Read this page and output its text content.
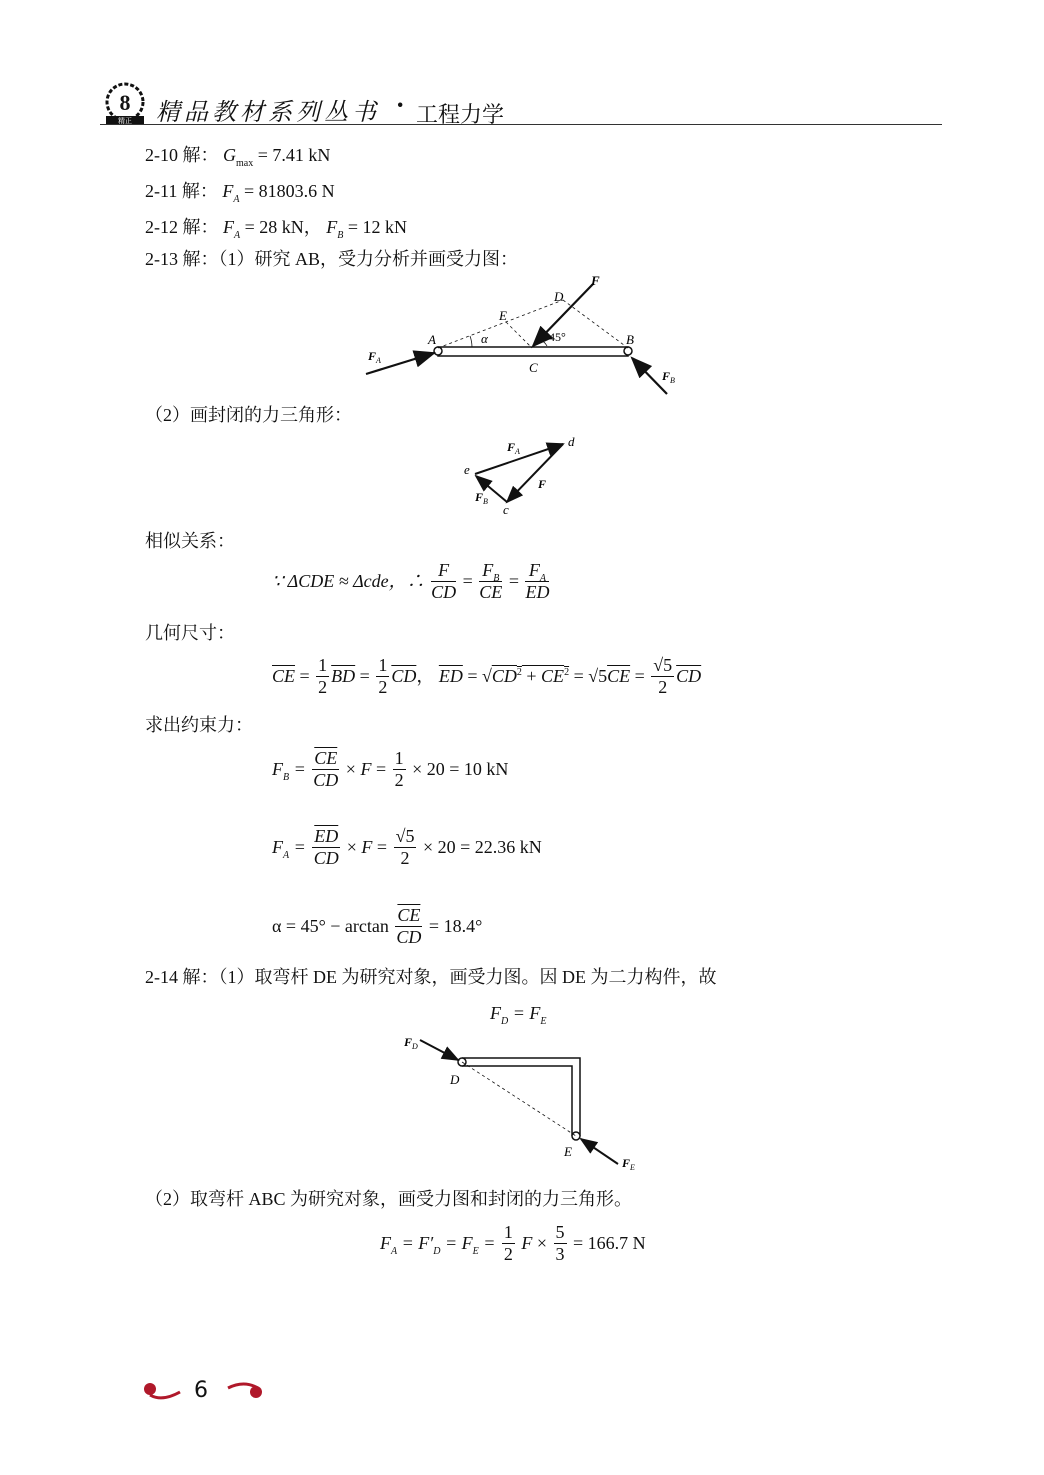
8
精正 精品教材系列丛书 · 工程力学
2-10 解： $G_{max} = 7.41$ kN
2-11 解： $F_A = 81803.6$ N
2-12 解： $F_A = 28$ kN， $F_B = 12$ kN
2-13 解：（1）研究 AB，受力分析并画受力图：
F
D
E
A	B
C
α	45°
$F_A$
$F_B$
（2）画封闭的力三角形：
$F_A$
d
e
F
$F_B$
c
相似关系：
∵ ΔCDE ≈ Δcde，∴ $\frac{F}{CD} = \frac{F_B}{CE} = \frac{F_A}{ED}$
几何尺寸：
$\overline{CE} = \frac{1}{2} \overline{BD} = \frac{1}{2} \overline{CD}$， $\overline{ED} = √CD^2 + CE^2 = √5\overline{CE} = \frac{√5}{2} \overline{CD}$
求出约束力：
$F_B = \frac{\overline{CE}}{CD} \times F = \frac{1}{2} \times 20 = 10$ kN
$F_A = \frac{\overline{ED}}{CD} \times F = \frac{√5}{2} \times 20 = 22.36$ kN
$\alpha = 45^\circ - \arctan \frac{\overline{CE}}{CD} = 18.4^\circ$
2-14 解：（1）取弯杆 DE 为研究对象，画受力图。因 DE 为二力构件，故
$F_D = F_E$
$F_D$
D
E
$F_E$
（2）取弯杆 ABC 为研究对象，画受力图和封闭的力三角形。
$F_A = F'_D = F_E = \frac{1}{2}$ $F \times \frac{5}{3} = 166.7$ N
6
